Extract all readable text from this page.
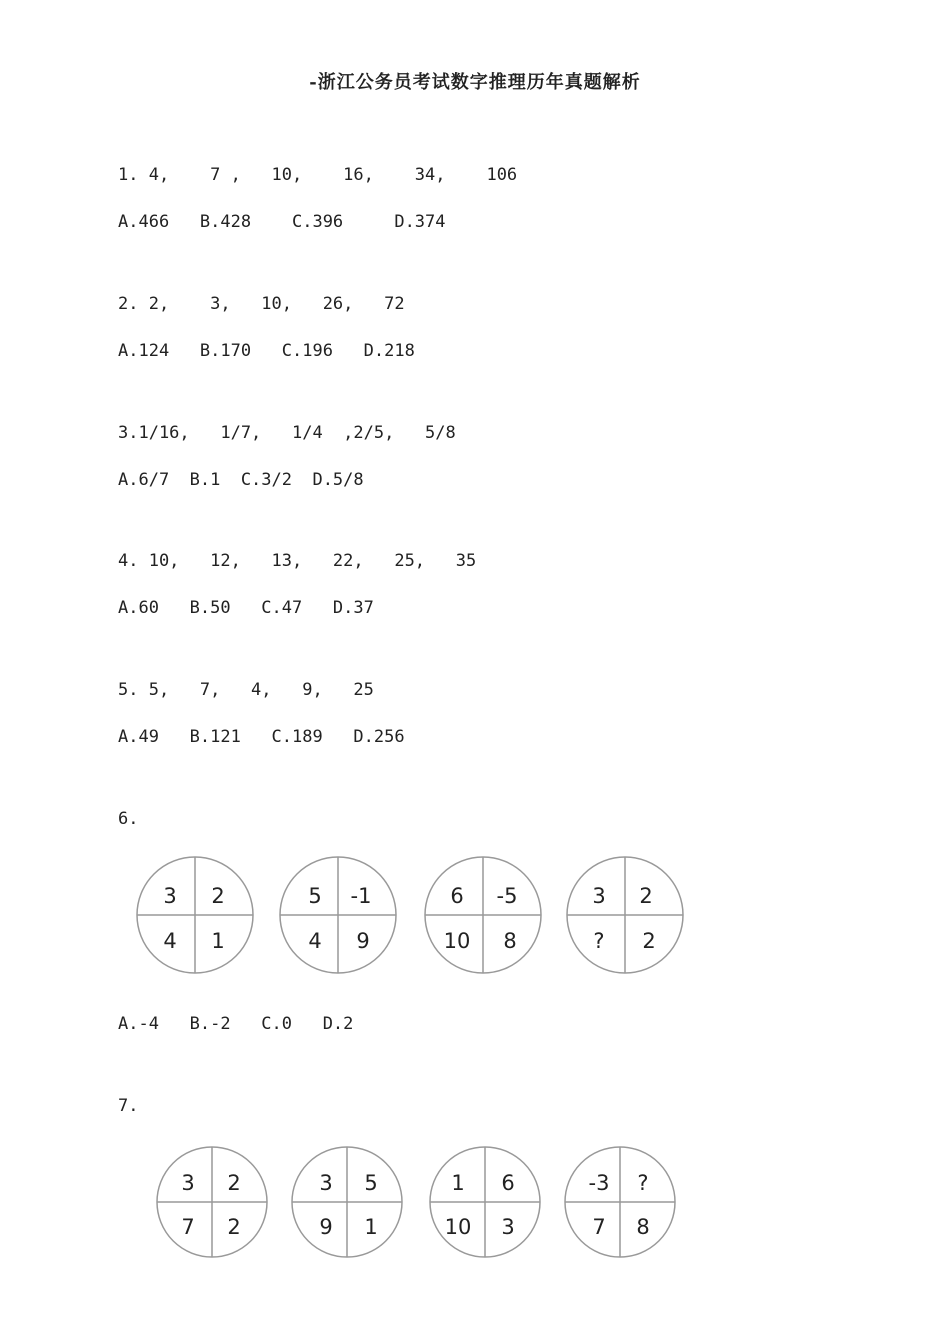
-浙江公务员考试数字推理历年真题解析
1. 4,    7 ,   10,    16,    34,    106
A.466   B.428    C.396     D.374
2. 2,    3,   10,   26,   72
A.124   B.170   C.196   D.218
3.1/16,   1/7,   1/4  ,2/5,   5/8
A.6/7  B.1  C.3/2  D.5/8
4. 10,   12,   13,   22,   25,   35
A.60   B.50   C.47   D.37
5. 5,   7,   4,   9,   25
A.49   B.121   C.189   D.256
6.
3 2
4 1
5 -1
4 9
6 -5
10 8
3 2
? 2
A.-4   B.-2   C.0   D.2
7.
3 2
7 2
3 5
9 1
1 6
10 3
-3 ?
7 8
